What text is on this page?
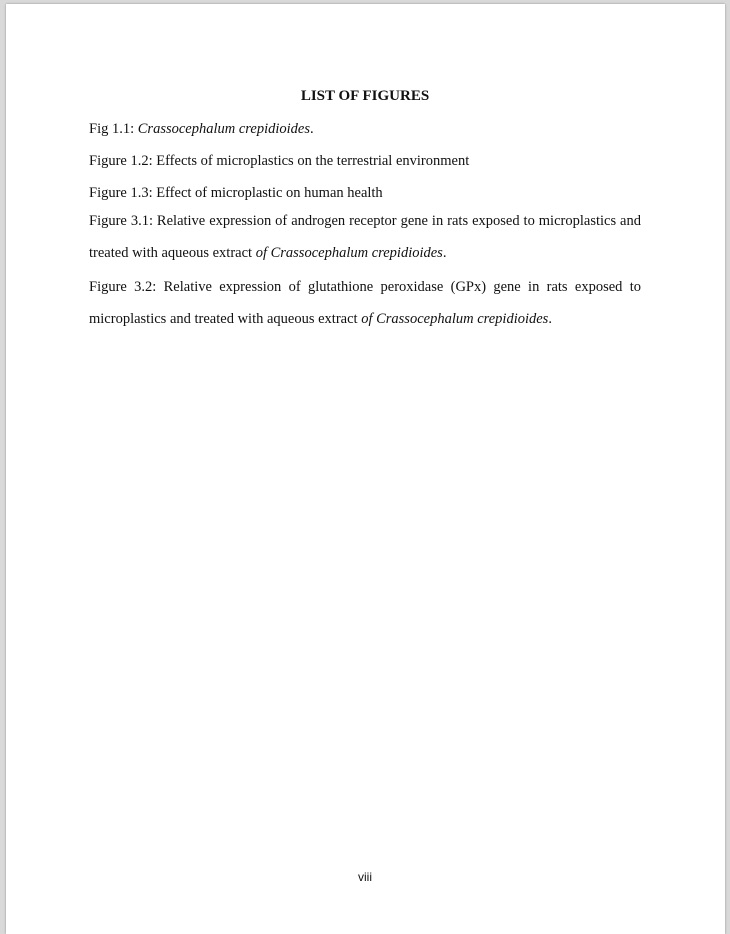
LIST OF FIGURES
Fig 1.1: Crassocephalum crepidioides.
Figure 1.2: Effects of microplastics on the terrestrial environment
Figure 1.3: Effect of microplastic on human health
Figure 3.1: Relative expression of androgen receptor gene in rats exposed to microplastics and treated with aqueous extract of Crassocephalum crepidioides.
Figure 3.2: Relative expression of glutathione peroxidase (GPx) gene in rats exposed to microplastics and treated with aqueous extract of Crassocephalum crepidioides.
viii
